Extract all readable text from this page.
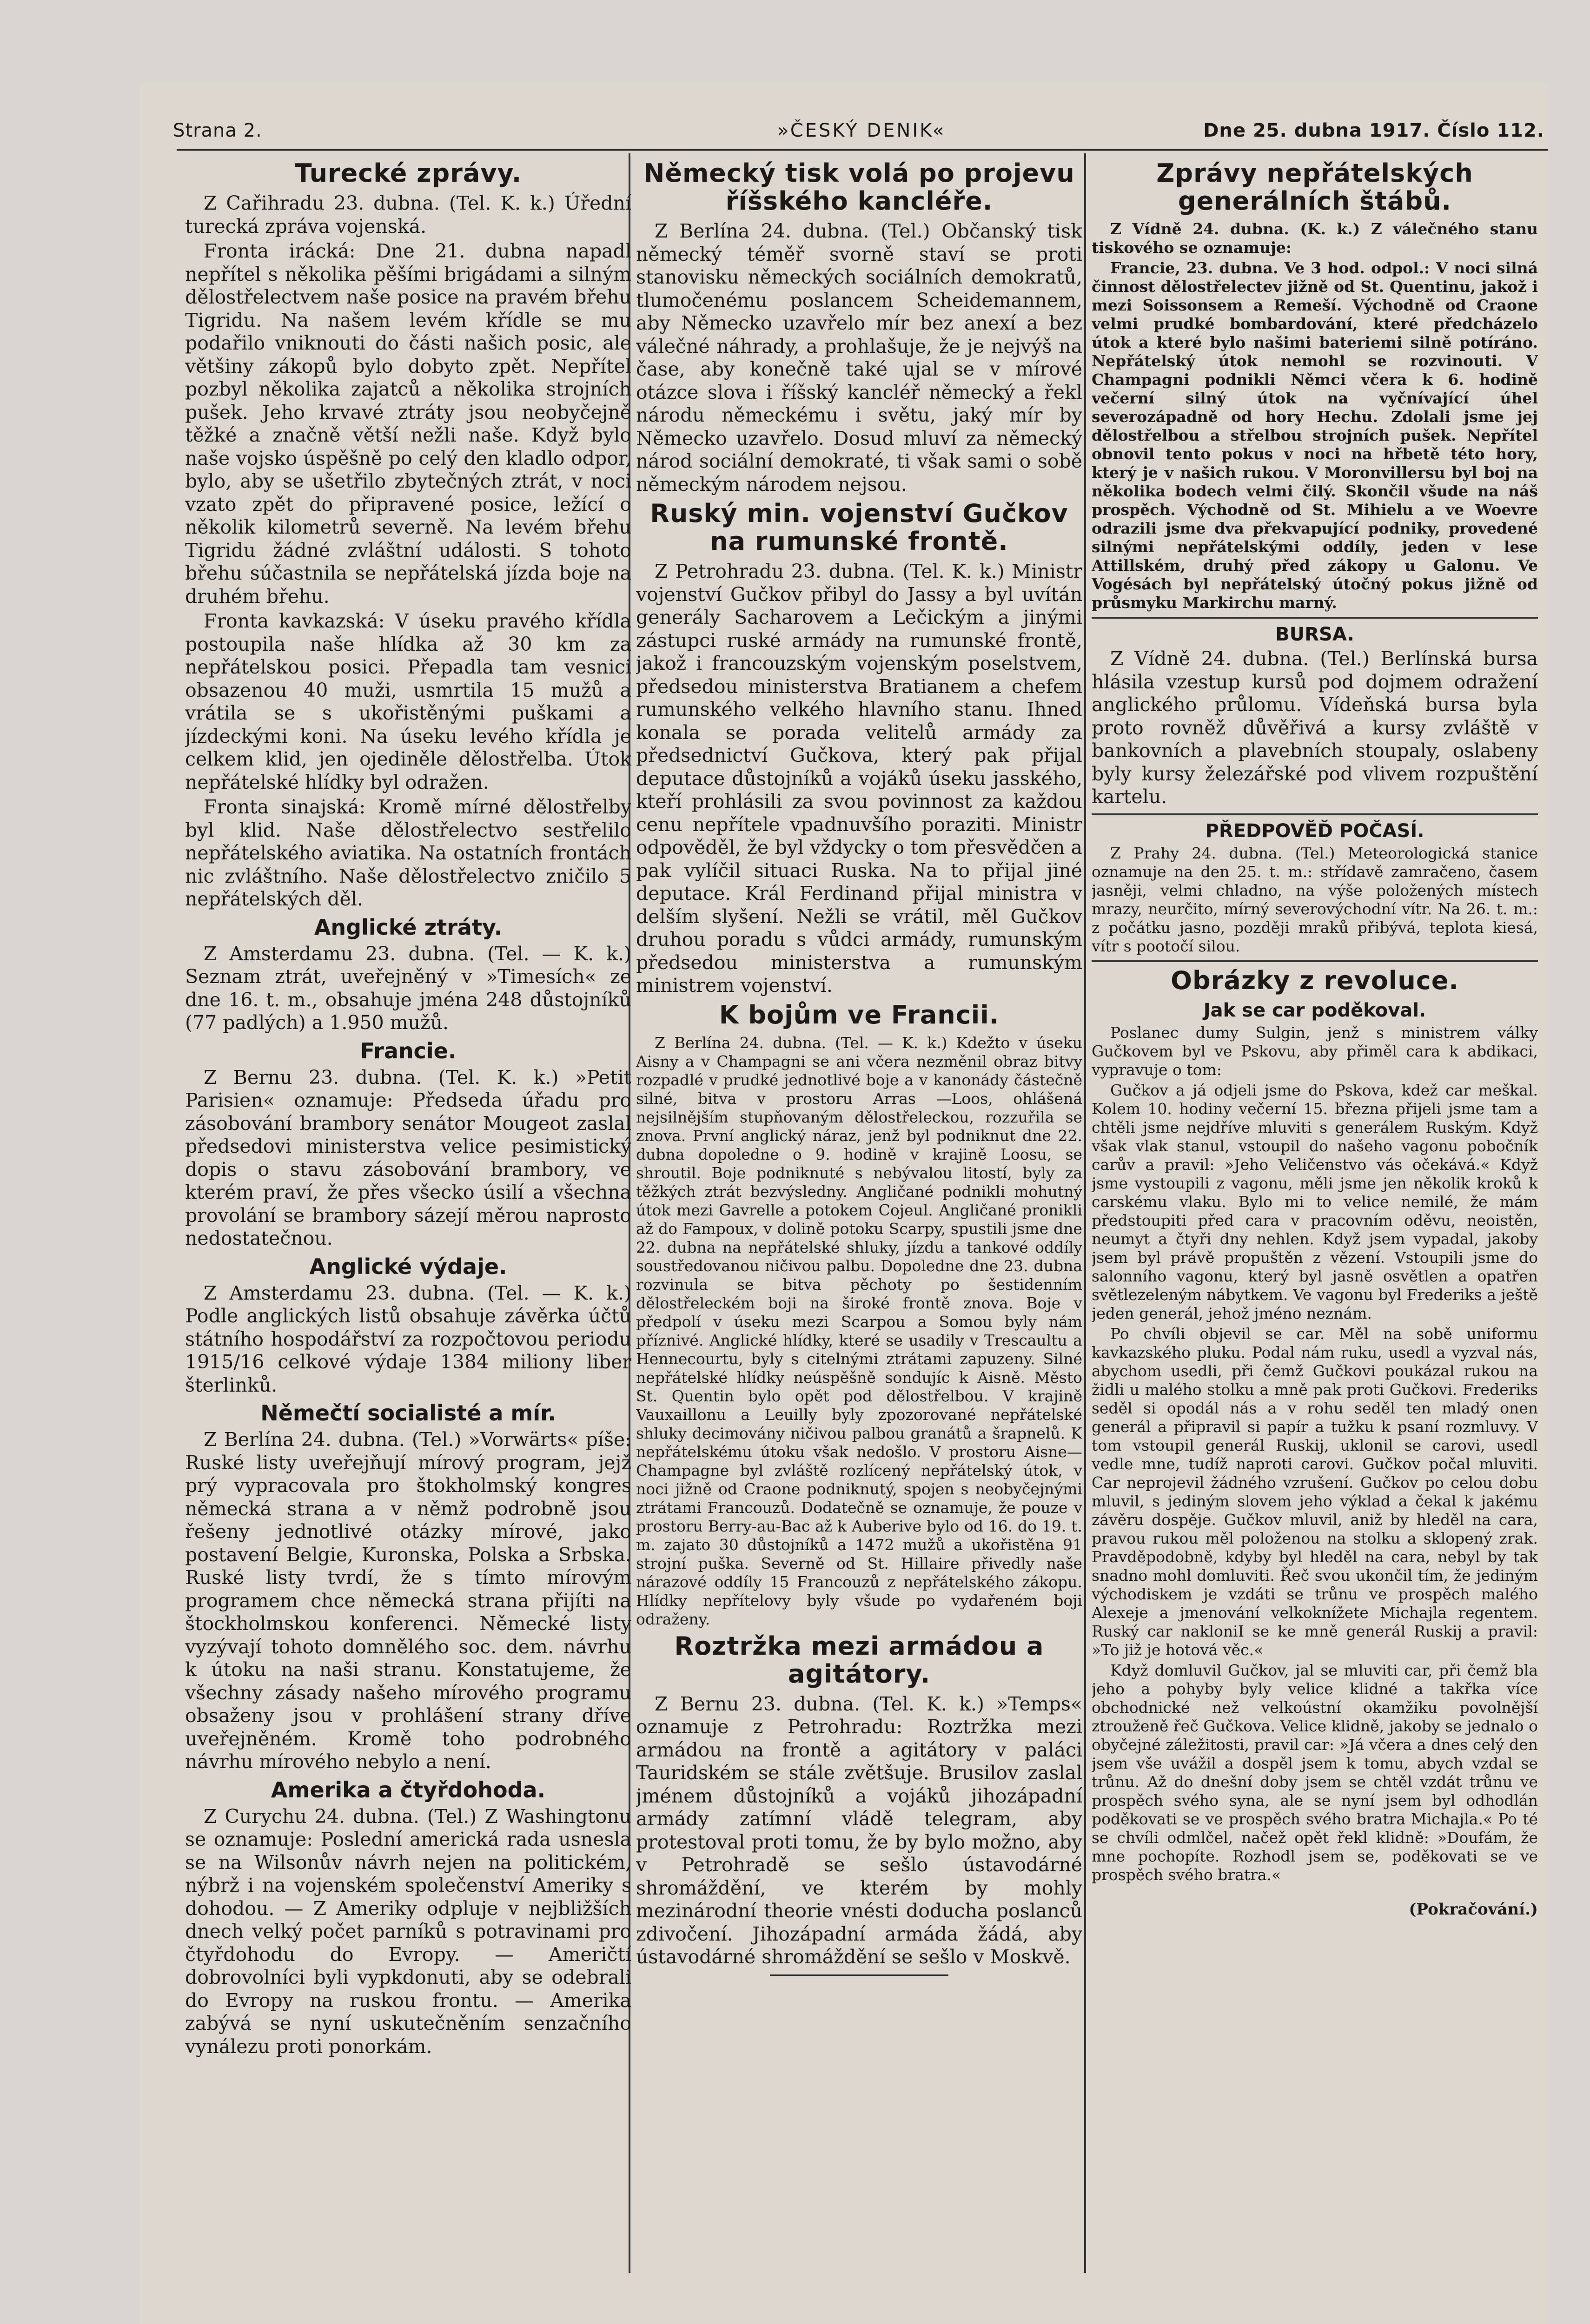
Strana 2.	»ČESKÝ DENIK«	Dne 25. dubna 1917. Číslo 112.
Turecké zprávy.

Z Cařihradu 23. dubna. (Tel. K. k.) Úřední turecká zpráva vojenská.

Fronta irácká: Dne 21. dubna napadl nepřítel s několika pěšími brigádami a silným dělostřelectvem naše posice na pravém břehu Tigridu. Na našem levém křídle se mu podařilo vniknouti do části našich posic, ale většiny zákopů bylo dobyto zpět. Nepřítel pozbyl několika zajatců a několika strojních pušek. Jeho krvavé ztráty jsou neobyčejně těžké a značně větší nežli naše. Když bylo naše vojsko úspěšně po celý den kladlo odpor, bylo, aby se ušetřilo zbytečných ztrát, v noci vzato zpět do připravené posice, ležící o několik kilometrů severně. Na levém břehu Tigridu žádné zvláštní události. S tohoto břehu súčastnila se nepřátelská jízda boje na druhém břehu.

Fronta kavkazská: V úseku pravého křídla postoupila naše hlídka až 30 km za nepřátelskou posici. Přepadla tam vesnici obsazenou 40 muži, usmrtila 15 mužů a vrátila se s ukořistěnými puškami a jízdeckými koni. Na úseku levého křídla je celkem klid, jen ojediněle dělostřelba. Útok nepřátelské hlídky byl odražen.

Fronta sinajská: Kromě mírné dělostřelby byl klid. Naše dělostřelectvo sestřelilo nepřátelského aviatika. Na ostatních frontách nic zvláštního. Naše dělostřelectvo zničilo 5 nepřátelských děl.

Anglické ztráty.

Z Amsterdamu 23. dubna. (Tel. — K. k.) Seznam ztrát, uveřejněný v »Timesích« ze dne 16. t. m., obsahuje jména 248 důstojníků (77 padlých) a 1.950 mužů.

Francie.

Z Bernu 23. dubna. (Tel. K. k.) »Petit Parisien« oznamuje: Předseda úřadu pro zásobování brambory senátor Mougeot zaslal předsedovi ministerstva velice pesimistický dopis o stavu zásobování brambory, ve kterém praví, že přes všecko úsilí a všechna provolání se brambory sázejí měrou naprosto nedostatečnou.

Anglické výdaje.

Z Amsterdamu 23. dubna. (Tel. — K. k.) Podle anglických listů obsahuje závěrka účtů státního hospodářství za rozpočtovou periodu 1915/16 celkové výdaje 1384 miliony liber šterlinků.

Němečtí socialisté a mír.

Z Berlína 24. dubna. (Tel.) »Vorwärts« píše: Ruské listy uveřejňují mírový program, jejž prý vypracovala pro štokholmský kongres německá strana a v němž podrobně jsou řešeny jednotlivé otázky mírové, jako postavení Belgie, Kuronska, Polska a Srbska. Ruské listy tvrdí, že s tímto mírovým programem chce německá strana přijíti na štockholmskou konferenci. Německé listy vyzývají tohoto domnělého soc. dem. návrhu k útoku na naši stranu. Konstatujeme, že všechny zásady našeho mírového programu obsaženy jsou v prohlášení strany dříve uveřejněném. Kromě toho podrobného návrhu mírového nebylo a není.

Amerika a čtyřdohoda.

Z Curychu 24. dubna. (Tel.) Z Washingtonu se oznamuje: Poslední americká rada usnesla se na Wilsonův návrh nejen na politickém, nýbrž i na vojenském společenství Ameriky s dohodou. — Z Ameriky odpluje v nejbližších dnech velký počet parníků s potravinami pro čtyřdohodu do Evropy. — Američtí dobrovolníci byli vypkdonuti, aby se odebrali do Evropy na ruskou frontu. — Amerika zabývá se nyní uskutečněním senzačního vynálezu proti ponorkám.

Německý tisk volá po projevu říšského kancléře.

Z Berlína 24. dubna. (Tel.) Občanský tisk německý téměř svorně staví se proti stanovisku německých sociálních demokratů, tlumočenému poslancem Scheidemannem, aby Německo uzavřelo mír bez anexí a bez válečné náhrady, a prohlašuje, že je nejvýš na čase, aby konečně také ujal se v mírové otázce slova i říšský kancléř německý a řekl národu německému i světu, jaký mír by Německo uzavřelo. Dosud mluví za německý národ sociální demokraté, ti však sami o sobě německým národem nejsou.

Ruský min. vojenství Gučkov na rumunské frontě.

Z Petrohradu 23. dubna. (Tel. K. k.) Ministr vojenství Gučkov přibyl do Jassy a byl uvítán generály Sacharovem a Lečickým a jinými zástupci ruské armády na rumunské frontě, jakož i francouzským vojenským poselstvem, předsedou ministerstva Bratianem a chefem rumunského velkého hlavního stanu. Ihned konala se porada velitelů armády za předsednictví Gučkova, který pak přijal deputace důstojníků a vojáků úseku jasského, kteří prohlásili za svou povinnost za každou cenu nepřítele vpadnuvšího poraziti. Ministr odpověděl, že byl vždycky o tom přesvědčen a pak vylíčil situaci Ruska. Na to přijal jiné deputace. Král Ferdinand přijal ministra v delším slyšení. Nežli se vrátil, měl Gučkov druhou poradu s vůdci armády, rumunským předsedou ministerstva a rumunským ministrem vojenství.

K bojům ve Francii.

Z Berlína 24. dubna. (Tel. — K. k.) Kdežto v úseku Aisny a v Champagni se ani včera nezměnil obraz bitvy rozpadlé v prudké jednotlivé boje a v kanonády částečně silné, bitva v prostoru Arras —Loos, ohlášená nejsilnějším stupňovaným dělostřeleckou, rozzuřila se znova. První anglický náraz, jenž byl podniknut dne 22. dubna dopoledne o 9. hodině v krajině Loosu, se shroutil. Boje podniknuté s nebývalou litostí, byly za těžkých ztrát bezvýsledny. Angličané podnikli mohutný útok mezi Gavrelle a potokem Cojeul. Angličané pronikli až do Fampoux, v dolině potoku Scarpy, spustili jsme dne 22. dubna na nepřátelské shluky, jízdu a tankové oddíly soustředovanou ničivou palbu. Dopoledne dne 23. dubna rozvinula se bitva pěchoty po šestidenním dělostřeleckém boji na široké frontě znova. Boje v předpolí v úseku mezi Scarpou a Somou byly nám příznivé. Anglické hlídky, které se usadily v Trescaultu a Hennecourtu, byly s citelnými ztrátami zapuzeny. Silné nepřátelské hlídky neúspěšně sondujíc k Aisně. Město St. Quentin bylo opět pod dělostřelbou. V krajině Vauxaillonu a Leuilly byly zpozorované nepřátelské shluky decimovány ničivou palbou granátů a šrapnelů. K nepřátelskému útoku však nedošlo. V prostoru Aisne—Champagne byl zvláště rozlícený nepřátelský útok, v noci jižně od Craone podniknutý, spojen s neobyčejnými ztrátami Francouzů. Dodatečně se oznamuje, že pouze v prostoru Berry-au-Bac až k Auberive bylo od 16. do 19. t. m. zajato 30 důstojníků a 1472 mužů a ukořistěna 91 strojní puška. Severně od St. Hillaire přivedly naše nárazové oddíly 15 Francouzů z nepřátelského zákopu. Hlídky nepřítelovy byly všude po vydařeném boji odraženy.

Roztržka mezi armádou a agitátory.

Z Bernu 23. dubna. (Tel. K. k.) »Temps« oznamuje z Petrohradu: Roztržka mezi armádou na frontě a agitátory v paláci Tauridském se stále zvětšuje. Brusilov zaslal jménem důstojníků a vojáků jihozápadní armády zatímní vládě telegram, aby protestoval proti tomu, že by bylo možno, aby v Petrohradě se sešlo ústavodárné shromáždění, ve kterém by mohly mezinárodní theorie vnésti doducha poslanců zdivočení. Jihozápadní armáda žádá, aby ústavodárné shromáždění se sešlo v Moskvě.

Zprávy nepřátelských generálních štábů.

Z Vídně 24. dubna. (K. k.) Z válečného stanu tiskového se oznamuje:

Francie, 23. dubna. Ve 3 hod. odpol.: V noci silná činnost dělostřelectev jižně od St. Quentinu, jakož i mezi Soissonsem a Remeší. Východně od Craone velmi prudké bombardování, které předcházelo útok a které bylo našimi bateriemi silně potíráno. Nepřátelský útok nemohl se rozvinouti. V Champagni podnikli Němci včera k 6. hodině večerní silný útok na vyčnívající úhel severozápadně od hory Hechu. Zdolali jsme jej dělostřelbou a střelbou strojních pušek. Nepřítel obnovil tento pokus v noci na hřbetě této hory, který je v našich rukou. V Moronvillersu byl boj na několika bodech velmi čilý. Skončil všude na náš prospěch. Východně od St. Mihielu a ve Woevre odrazili jsme dva překvapující podniky, provedené silnými nepřátelskými oddíly, jeden v lese Attillském, druhý před zákopy u Galonu. Ve Vogésách byl nepřátelský útočný pokus jižně od průsmyku Markirchu marný.

BURSA.

Z Vídně 24. dubna. (Tel.) Berlínská bursa hlásila vzestup kursů pod dojmem odražení anglického průlomu. Vídeňská bursa byla proto rovněž důvěřivá a kursy zvláště v bankovních a plavebních stoupaly, oslabeny byly kursy železářské pod vlivem rozpuštění kartelu.

PŘEDPOVĚĎ POČASÍ.

Z Prahy 24. dubna. (Tel.) Meteorologická stanice oznamuje na den 25. t. m.: střídavě zamračeno, časem jasněji, velmi chladno, na výše položených místech mrazy, neurčito, mírný severovýchodní vítr. Na 26. t. m.: z počátku jasno, později mraků přibývá, teplota kiesá, vítr s pootočí silou.

Obrázky z revoluce.
Jak se car poděkoval.

Poslanec dumy Sulgin, jenž s ministrem války Gučkovem byl ve Pskovu, aby přiměl cara k abdikaci, vypravuje o tom:

Gučkov a já odjeli jsme do Pskova, kdež car meškal. Kolem 10. hodiny večerní 15. března přijeli jsme tam a chtěli jsme nejdříve mluviti s generálem Ruským. Když však vlak stanul, vstoupil do našeho vagonu pobočník carův a pravil: »Jeho Veličenstvo vás očekává.« Když jsme vystoupili z vagonu, měli jsme jen několik kroků k carskému vlaku. Bylo mi to velice nemilé, že mám předstoupiti před cara v pracovním oděvu, neoistěn, neumyt a čtyři dny nehlen. Když jsem vypadal, jakoby jsem byl právě propuštěn z vězení. Vstoupili jsme do salonního vagonu, který byl jasně osvětlen a opatřen světlezeleným nábytkem. Ve vagonu byl Frederiks a ještě jeden generál, jehož jméno neznám.

Po chvíli objevil se car. Měl na sobě uniformu kavkazského pluku. Podal nám ruku, usedl a vyzval nás, abychom usedli, při čemž Gučkovi poukázal rukou na židli u malého stolku a mně pak proti Gučkovi. Frederiks seděl si opodál nás a v rohu seděl ten mladý onen generál a připravil si papír a tužku k psaní rozmluvy. V tom vstoupil generál Ruskij, uklonil se carovi, usedl vedle mne, tudíž naproti carovi. Gučkov počal mluviti. Car neprojevil žádného vzrušení. Gučkov po celou dobu mluvil, s jediným slovem jeho výklad a čekal k jakému závěru dospěje. Gučkov mluvil, aniž by hleděl na cara, pravou rukou měl položenou na stolku a sklopený zrak. Pravděpodobně, kdyby byl hleděl na cara, nebyl by tak snadno mohl domluviti. Řeč svou ukončil tím, že jediným východiskem je vzdáti se trůnu ve prospěch malého Alexeje a jmenování velkoknížete Michajla regentem. Ruský car nakloniI se ke mně generál Ruskij a pravil: »To již je hotová věc.«

Když domluvil Gučkov, jal se mluviti car, při čemž bla jeho a pohyby byly velice klidné a takřka více obchodnické než velkoústní okamžiku povolnější ztrouženě řeč Gučkova. Velice klidně, jakoby se jednalo o obyčejné záležitosti, pravil car: »Já včera a dnes celý den jsem vše uvážil a dospěl jsem k tomu, abych vzdal se trůnu. Až do dnešní doby jsem se chtěl vzdát trůnu ve prospěch svého syna, ale se nyní jsem byl odhodlán poděkovati se ve prospěch svého bratra Michajla.« Po té se chvíli odmlčel, načež opět řekl klidně: »Doufám, že mne pochopíte. Rozhodl jsem se, poděkovati se ve prospěch svého bratra.«

(Pokračování.)
